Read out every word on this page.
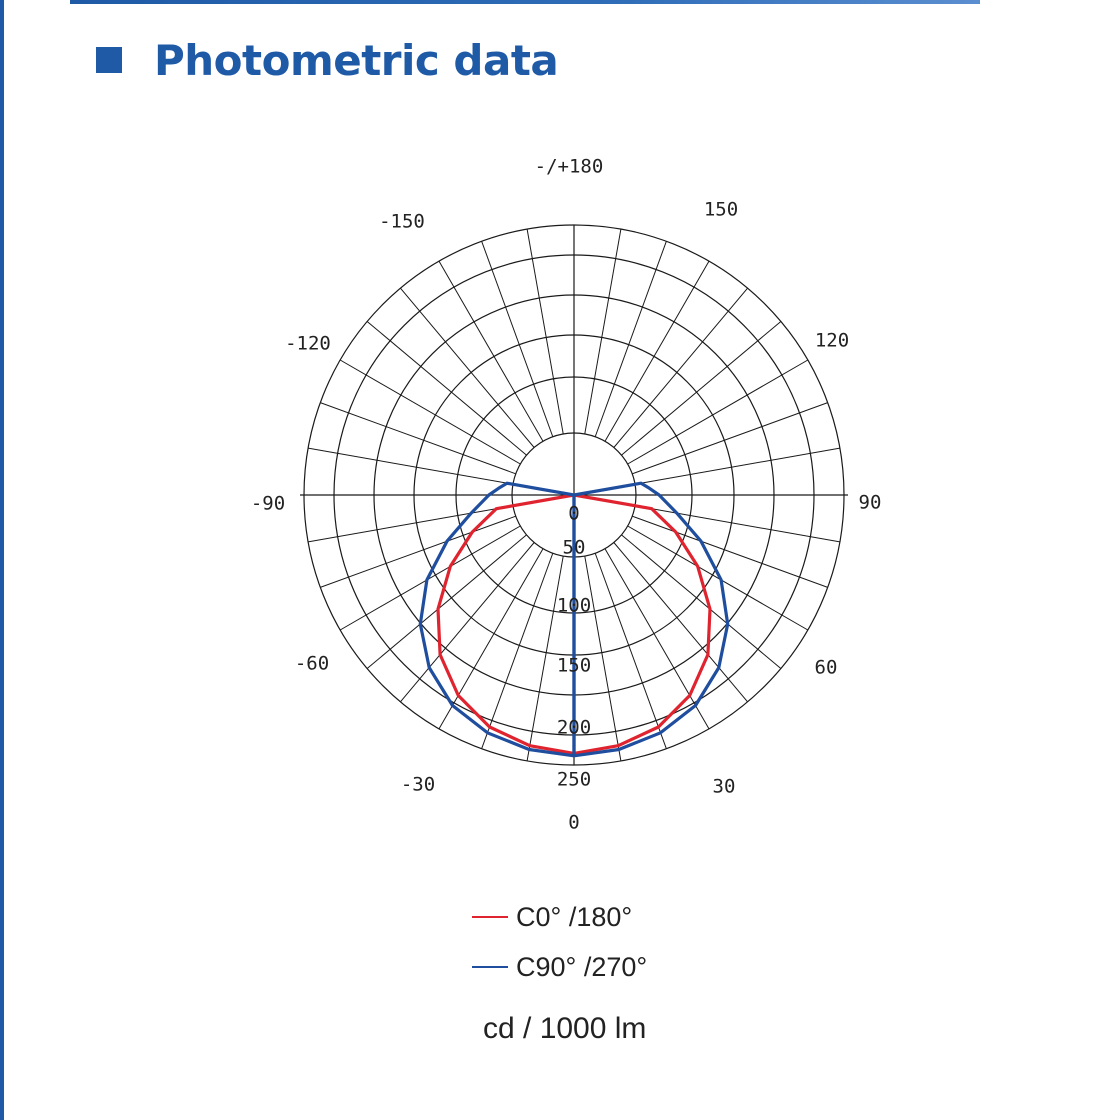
Photometric data
-/+180
150
120
90
60
30
0
-30
-60
-90
-120
-150
0
50
100
150
200
250
C0° /180°
C90° /270°
cd / 1000 lm
